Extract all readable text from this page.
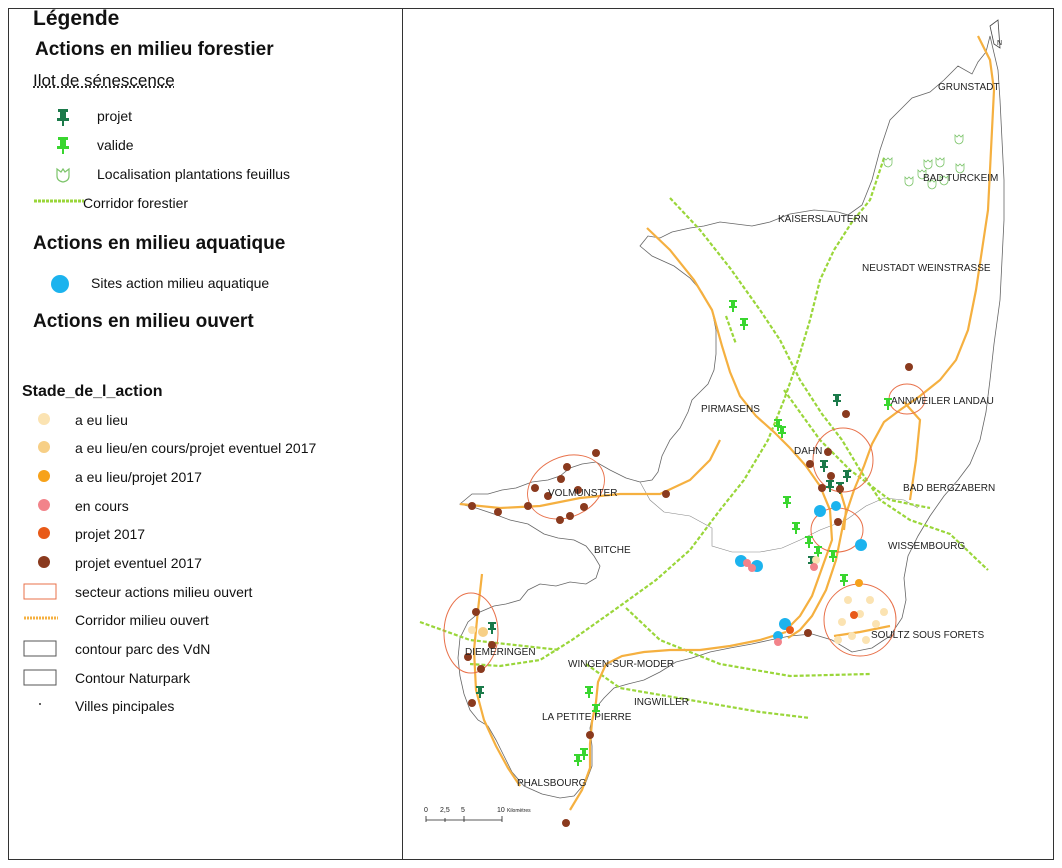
Légende
Actions en milieu forestier
Ilot de sénescence
projet
valide
Localisation plantations feuillus
Corridor forestier
Actions en milieu aquatique
Sites action milieu aquatique
Actions en milieu ouvert
Stade_de_l_action
a eu lieu
a eu lieu/en cours/projet eventuel 2017
a eu lieu/projet 2017
en cours
projet 2017
projet eventuel 2017
secteur actions milieu ouvert
Corridor milieu ouvert
contour parc des VdN
Contour Naturpark
Villes pincipales
N
GRUNSTADT
BAD TURCKEIM
KAISERSLAUTERN
NEUSTADT WEINSTRASSE
ANNWEILER LANDAU
PIRMASENS
DAHN
BAD BERGZABERN
VOLMUNSTER
BITCHE	WISSEMBOURG
SOULTZ SOUS FORETS
DIEMERINGEN
WINGEN-SUR-MODER
INGWILLER
LA PETITE PIERRE
PHALSBOURG
0 2,5 5	10 Kilomètres
